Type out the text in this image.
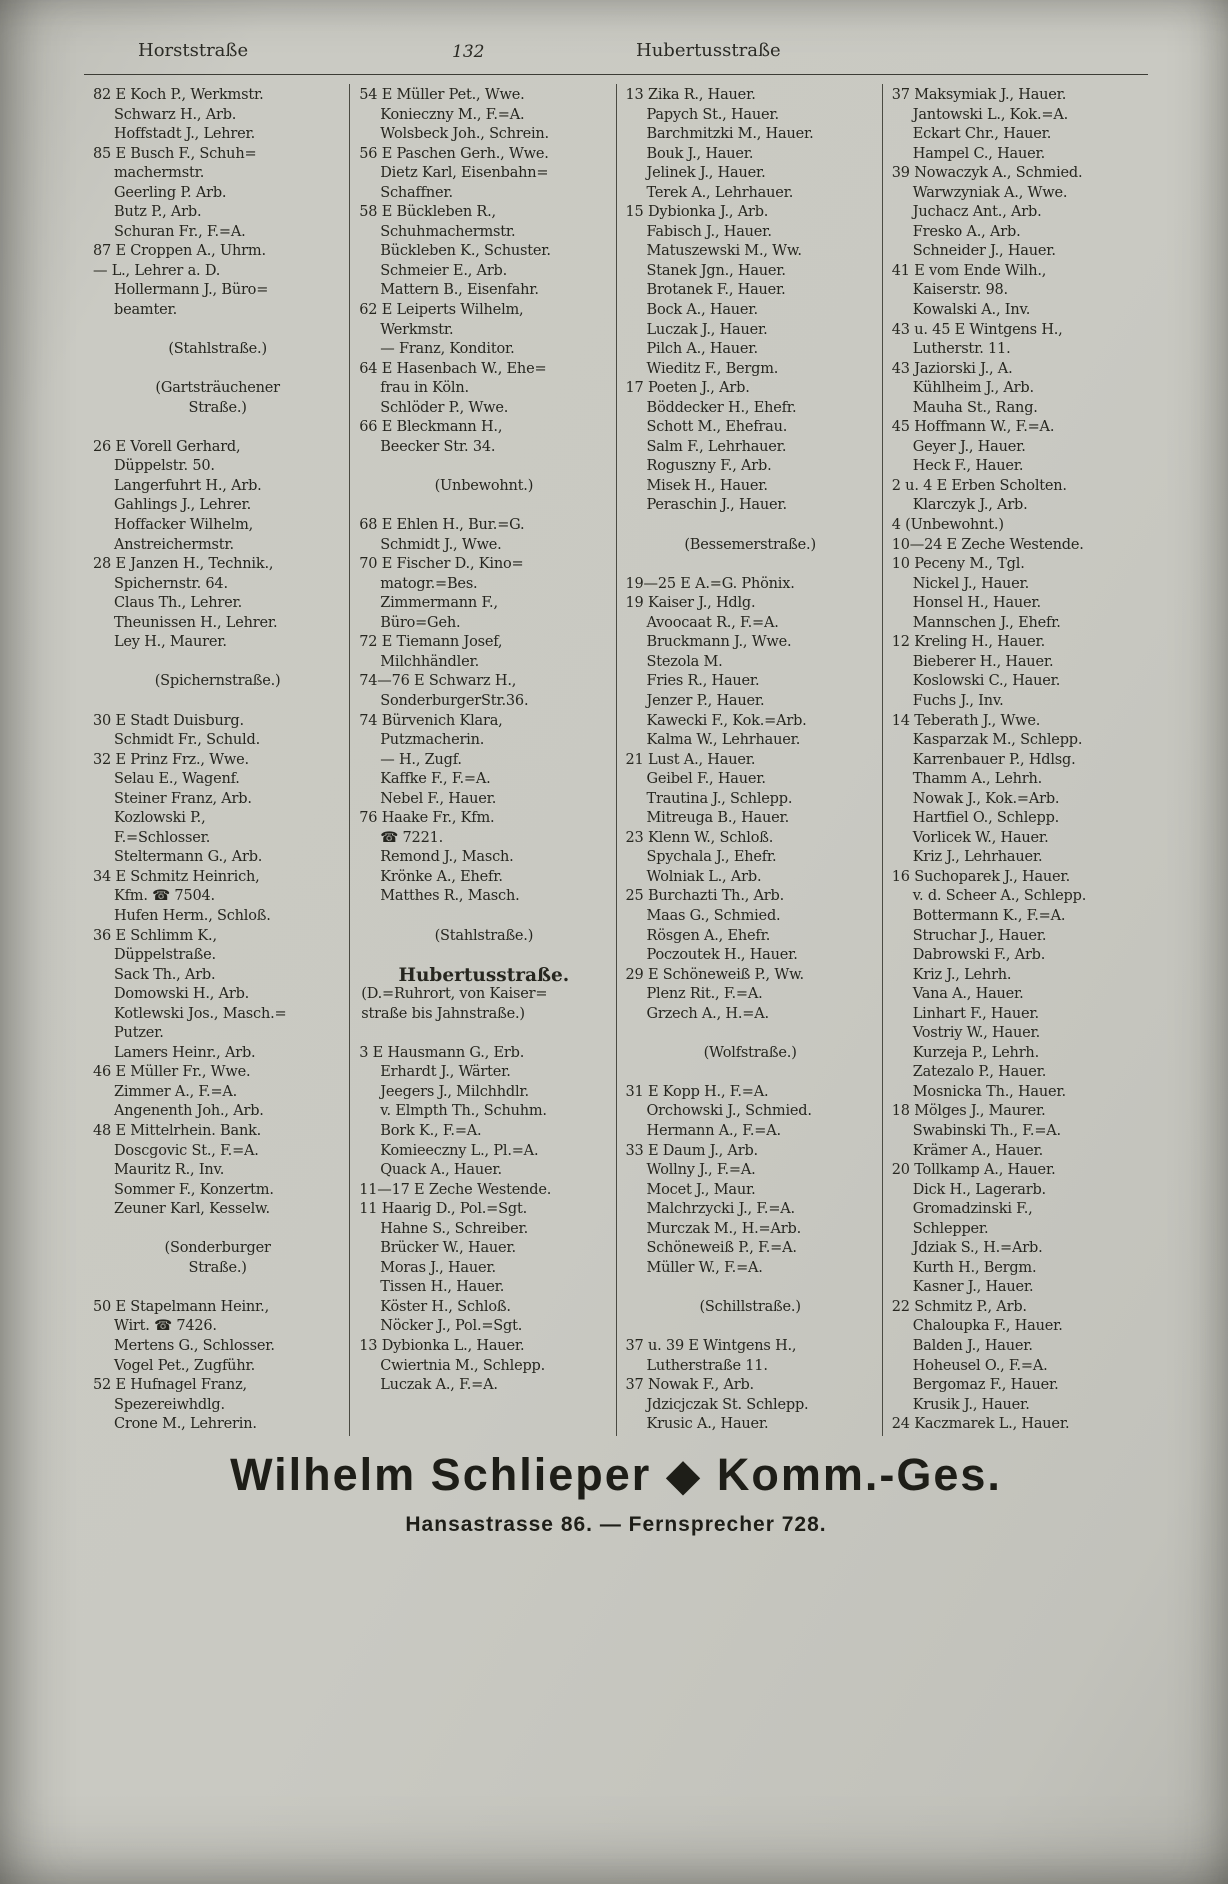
Horststraße	132	Hubertusstraße
82 E Koch P., Werkmstr.
Schwarz H., Arb.
Hoffstadt J., Lehrer.
85 E Busch F., Schuh=
machermstr.
Geerling P. Arb.
Butz P., Arb.
Schuran Fr., F.=A.
87 E Croppen A., Uhrm.
— L., Lehrer a. D.
Hollermann J., Büro=
beamter.
(Stahlstraße.)
(Gartsträuchener
Straße.)
26 E Vorell Gerhard,
Düppelstr. 50.
Langerfuhrt H., Arb.
Gahlings J., Lehrer.
Hoffacker Wilhelm,
Anstreichermstr.
28 E Janzen H., Technik.,
Spichernstr. 64.
Claus Th., Lehrer.
Theunissen H., Lehrer.
Ley H., Maurer.
(Spichernstraße.)
30 E Stadt Duisburg.
Schmidt Fr., Schuld.
32 E Prinz Frz., Wwe.
Selau E., Wagenf.
Steiner Franz, Arb.
Kozlowski P.,
F.=Schlosser.
Steltermann G., Arb.
34 E Schmitz Heinrich,
Kfm. ☎ 7504.
Hufen Herm., Schloß.
36 E Schlimm K.,
Düppelstraße.
Sack Th., Arb.
Domowski H., Arb.
Kotlewski Jos., Masch.=
Putzer.
Lamers Heinr., Arb.
46 E Müller Fr., Wwe.
Zimmer A., F.=A.
Angenenth Joh., Arb.
48 E Mittelrhein. Bank.
Doscgovic St., F.=A.
Mauritz R., Inv.
Sommer F., Konzertm.
Zeuner Karl, Kesselw.
(Sonderburger
Straße.)
50 E Stapelmann Heinr.,
Wirt. ☎ 7426.
Mertens G., Schlosser.
Vogel Pet., Zugführ.
52 E Hufnagel Franz,
Spezereiwhdlg.
Crone M., Lehrerin.
54 E Müller Pet., Wwe.
Konieczny M., F.=A.
Wolsbeck Joh., Schrein.
56 E Paschen Gerh., Wwe.
Dietz Karl, Eisenbahn=
Schaffner.
58 E Bückleben R.,
Schuhmachermstr.
Bückleben K., Schuster.
Schmeier E., Arb.
Mattern B., Eisenfahr.
62 E Leiperts Wilhelm,
Werkmstr.
— Franz, Konditor.
64 E Hasenbach W., Ehe=
frau in Köln.
Schlöder P., Wwe.
66 E Bleckmann H.,
Beecker Str. 34.
(Unbewohnt.)
68 E Ehlen H., Bur.=G.
Schmidt J., Wwe.
70 E Fischer D., Kino=
matogr.=Bes.
Zimmermann F.,
Büro=Geh.
72 E Tiemann Josef,
Milchhändler.
74—76 E Schwarz H.,
SonderburgerStr.36.
74 Bürvenich Klara,
Putzmacherin.
— H., Zugf.
Kaffke F., F.=A.
Nebel F., Hauer.
76 Haake Fr., Kfm.
☎ 7221.
Remond J., Masch.
Krönke A., Ehefr.
Matthes R., Masch.
(Stahlstraße.)
Hubertusstraße.
(D.=Ruhrort, von Kaiser=
straße bis Jahnstraße.)
3 E Hausmann G., Erb.
Erhardt J., Wärter.
Jeegers J., Milchhdlr.
v. Elmpth Th., Schuhm.
Bork K., F.=A.
Komieeczny L., Pl.=A.
Quack A., Hauer.
11—17 E Zeche Westende.
11 Haarig D., Pol.=Sgt.
Hahne S., Schreiber.
Brücker W., Hauer.
Moras J., Hauer.
Tissen H., Hauer.
Köster H., Schloß.
Nöcker J., Pol.=Sgt.
13 Dybionka L., Hauer.
Cwiertnia M., Schlepp.
Luczak A., F.=A.
13 Zika R., Hauer.
Papych St., Hauer.
Barchmitzki M., Hauer.
Bouk J., Hauer.
Jelinek J., Hauer.
Terek A., Lehrhauer.
15 Dybionka J., Arb.
Fabisch J., Hauer.
Matuszewski M., Ww.
Stanek Jgn., Hauer.
Brotanek F., Hauer.
Bock A., Hauer.
Luczak J., Hauer.
Pilch A., Hauer.
Wieditz F., Bergm.
17 Poeten J., Arb.
Böddecker H., Ehefr.
Schott M., Ehefrau.
Salm F., Lehrhauer.
Roguszny F., Arb.
Misek H., Hauer.
Peraschin J., Hauer.
(Bessemerstraße.)
19—25 E A.=G. Phönix.
19 Kaiser J., Hdlg.
Avoocaat R., F.=A.
Bruckmann J., Wwe.
Stezola M.
Fries R., Hauer.
Jenzer P., Hauer.
Kawecki F., Kok.=Arb.
Kalma W., Lehrhauer.
21 Lust A., Hauer.
Geibel F., Hauer.
Trautina J., Schlepp.
Mitreuga B., Hauer.
23 Klenn W., Schloß.
Spychala J., Ehefr.
Wolniak L., Arb.
25 Burchazti Th., Arb.
Maas G., Schmied.
Rösgen A., Ehefr.
Poczoutek H., Hauer.
29 E Schöneweiß P., Ww.
Plenz Rit., F.=A.
Grzech A., H.=A.
(Wolfstraße.)
31 E Kopp H., F.=A.
Orchowski J., Schmied.
Hermann A., F.=A.
33 E Daum J., Arb.
Wollny J., F.=A.
Mocet J., Maur.
Malchrzycki J., F.=A.
Murczak M., H.=Arb.
Schöneweiß P., F.=A.
Müller W., F.=A.
(Schillstraße.)
37 u. 39 E Wintgens H.,
Lutherstraße 11.
37 Nowak F., Arb.
Jdzicjczak St. Schlepp.
Krusic A., Hauer.
37 Maksymiak J., Hauer.
Jantowski L., Kok.=A.
Eckart Chr., Hauer.
Hampel C., Hauer.
39 Nowaczyk A., Schmied.
Warwzyniak A., Wwe.
Juchacz Ant., Arb.
Fresko A., Arb.
Schneider J., Hauer.
41 E vom Ende Wilh.,
Kaiserstr. 98.
Kowalski A., Inv.
43 u. 45 E Wintgens H.,
Lutherstr. 11.
43 Jaziorski J., A.
Kühlheim J., Arb.
Mauha St., Rang.
45 Hoffmann W., F.=A.
Geyer J., Hauer.
Heck F., Hauer.
2 u. 4 E Erben Scholten.
Klarczyk J., Arb.
4 (Unbewohnt.)
10—24 E Zeche Westende.
10 Peceny M., Tgl.
Nickel J., Hauer.
Honsel H., Hauer.
Mannschen J., Ehefr.
12 Kreling H., Hauer.
Bieberer H., Hauer.
Koslowski C., Hauer.
Fuchs J., Inv.
14 Teberath J., Wwe.
Kasparzak M., Schlepp.
Karrenbauer P., Hdlsg.
Thamm A., Lehrh.
Nowak J., Kok.=Arb.
Hartfiel O., Schlepp.
Vorlicek W., Hauer.
Kriz J., Lehrhauer.
16 Suchoparek J., Hauer.
v. d. Scheer A., Schlepp.
Bottermann K., F.=A.
Struchar J., Hauer.
Dabrowski F., Arb.
Kriz J., Lehrh.
Vana A., Hauer.
Linhart F., Hauer.
Vostriy W., Hauer.
Kurzeja P., Lehrh.
Zatezalo P., Hauer.
Mosnicka Th., Hauer.
18 Mölges J., Maurer.
Swabinski Th., F.=A.
Krämer A., Hauer.
20 Tollkamp A., Hauer.
Dick H., Lagerarb.
Gromadzinski F.,
Schlepper.
Jdziak S., H.=Arb.
Kurth H., Bergm.
Kasner J., Hauer.
22 Schmitz P., Arb.
Chaloupka F., Hauer.
Balden J., Hauer.
Hoheusel O., F.=A.
Bergomaz F., Hauer.
Krusik J., Hauer.
24 Kaczmarek L., Hauer.
Wilhelm Schlieper ◆ Komm.-Ges.
Hansastrasse 86. — Fernsprecher 728.
